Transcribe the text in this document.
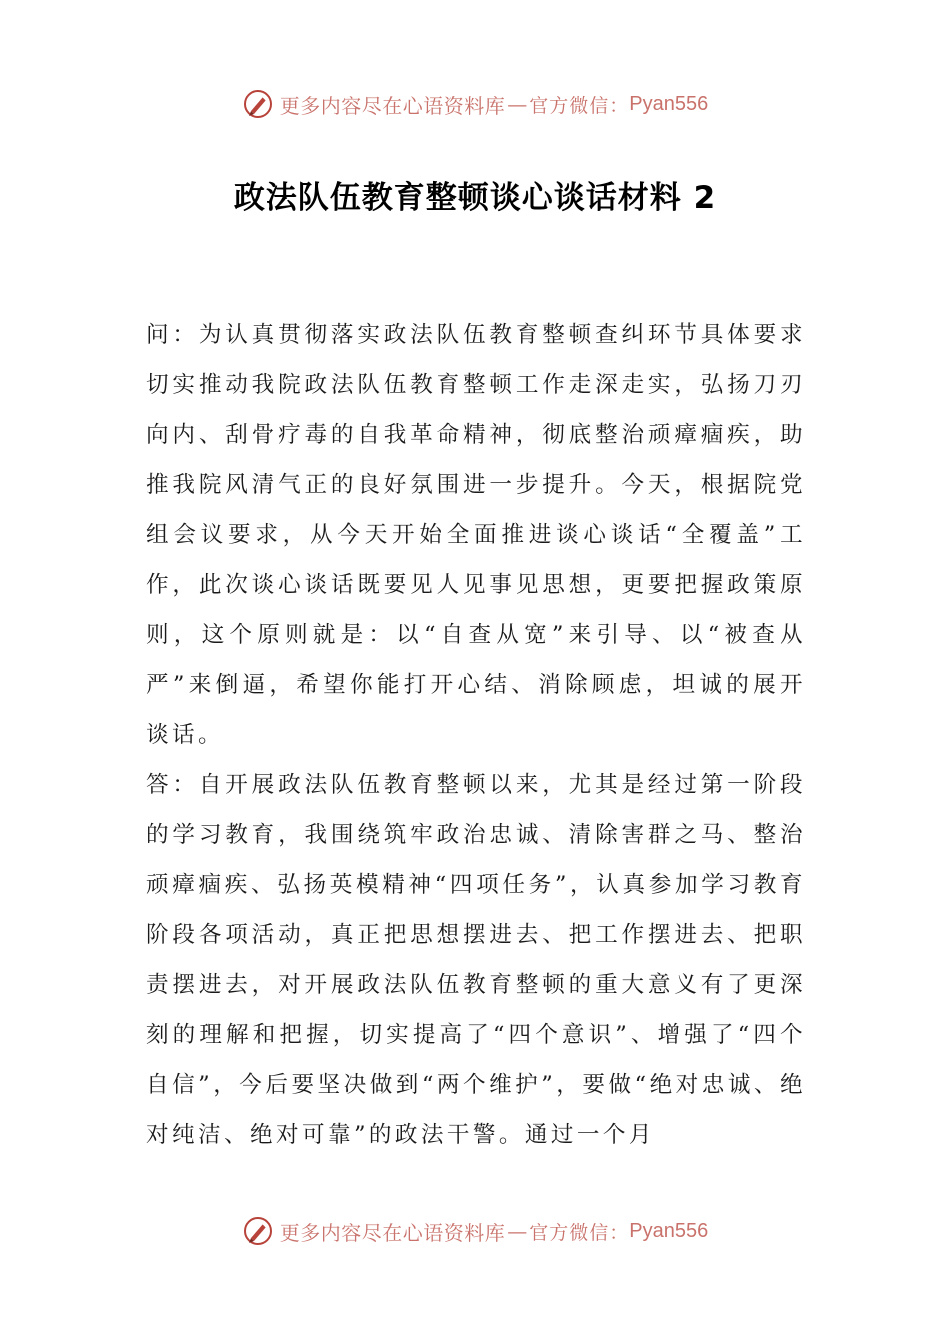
更多内容尽在心语资料库 — 官方微信： Pyan556
政法队伍教育整顿谈心谈话材料 2

问：为认真贯彻落实政法队伍教育整顿查纠环节具体要求切实推动我院政法队伍教育整顿工作走深走实，弘扬刀刃向内、刮骨疗毒的自我革命精神，彻底整治顽瘴痼疾，助推我院风清气正的良好氛围进一步提升。今天，根据院党组会议要求，从今天开始全面推进谈心谈话“全覆盖”工作，此次谈心谈话既要见人见事见思想，更要把握政策原则，这个原则就是：以“自查从宽”来引导、以“被查从严”来倒逼，希望你能打开心结、消除顾虑，坦诚的展开谈话。

答：自开展政法队伍教育整顿以来，尤其是经过第一阶段的学习教育，我围绕筑牢政治忠诚、清除害群之马、整治顽瘴痼疾、弘扬英模精神“四项任务”，认真参加学习教育阶段各项活动，真正把思想摆进去、把工作摆进去、把职责摆进去，对开展政法队伍教育整顿的重大意义有了更深刻的理解和把握，切实提高了“四个意识”、增强了“四个自信”，今后要坚决做到“两个维护”，要做“绝对忠诚、绝对纯洁、绝对可靠”的政法干警。通过一个月

更多内容尽在心语资料库 — 官方微信： Pyan556
